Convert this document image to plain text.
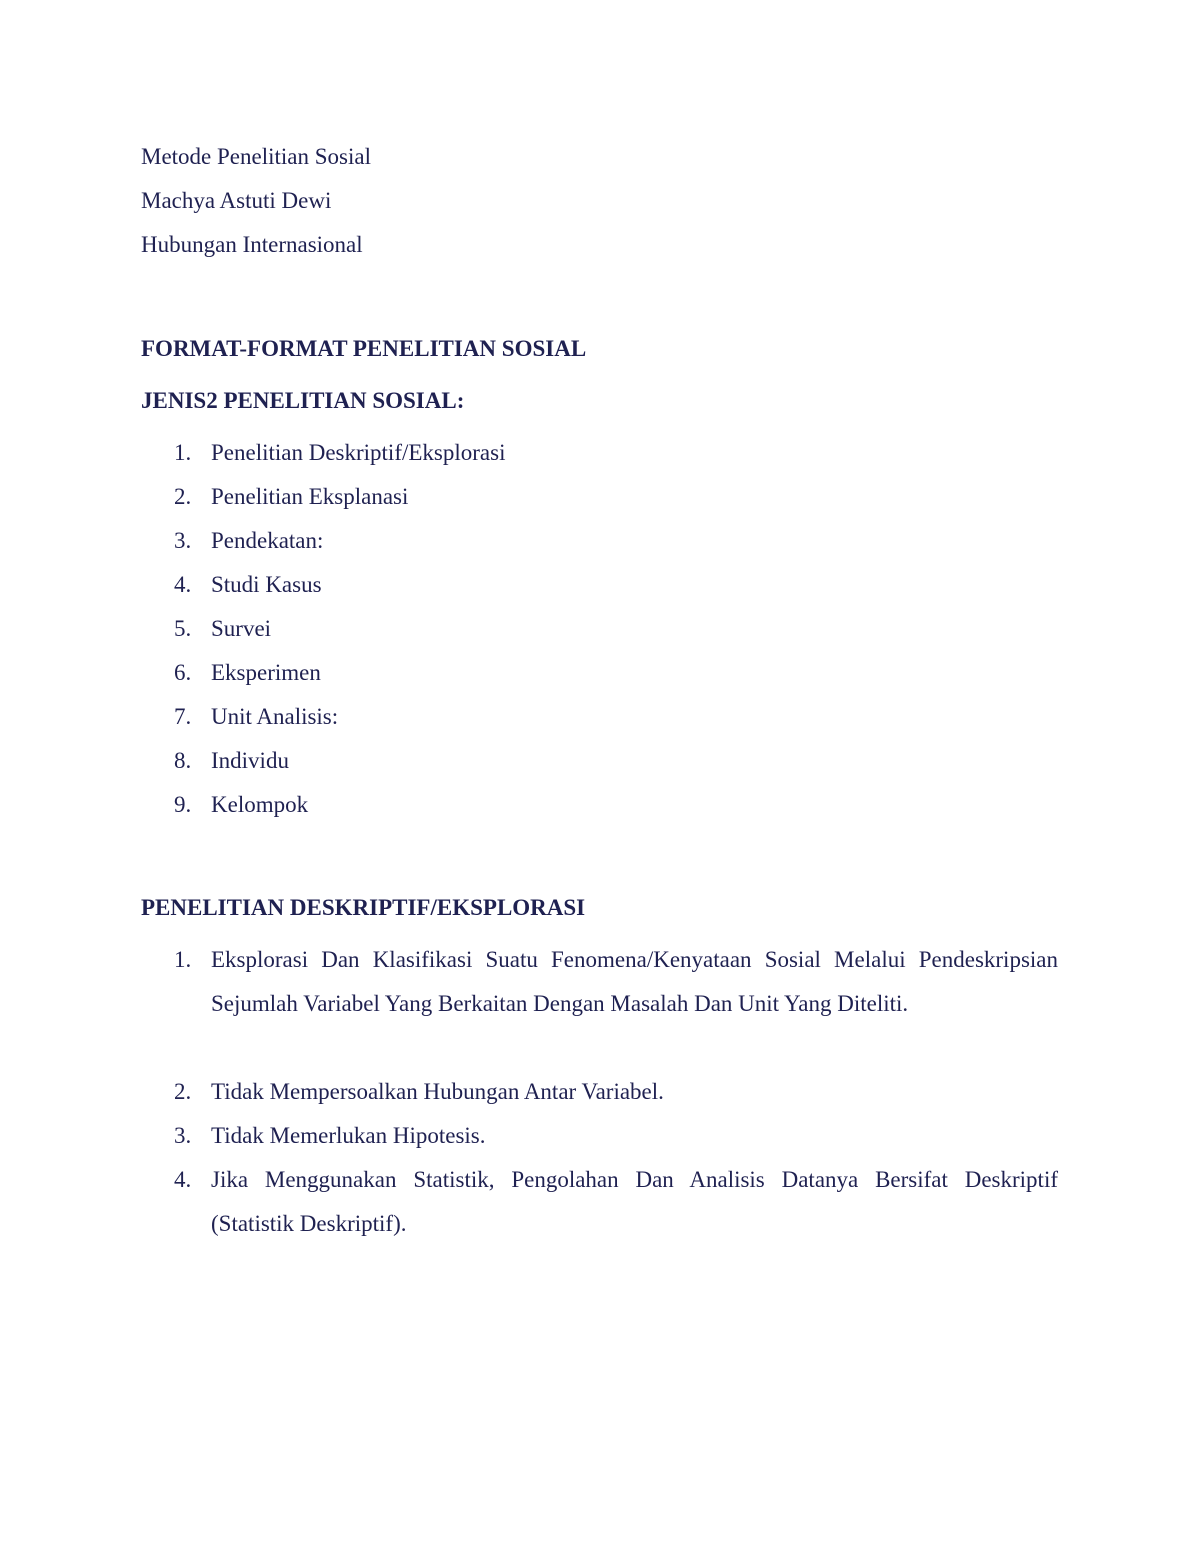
Metode Penelitian Sosial
Machya Astuti Dewi
Hubungan Internasional
FORMAT-FORMAT PENELITIAN SOSIAL
JENIS2 PENELITIAN SOSIAL:
1. Penelitian Deskriptif/Eksplorasi
2. Penelitian Eksplanasi
3. Pendekatan:
4. Studi Kasus
5. Survei
6. Eksperimen
7. Unit Analisis:
8. Individu
9. Kelompok
PENELITIAN DESKRIPTIF/EKSPLORASI
1. Eksplorasi Dan Klasifikasi Suatu Fenomena/Kenyataan Sosial Melalui Pendeskripsian Sejumlah Variabel Yang Berkaitan Dengan Masalah Dan Unit Yang Diteliti.
2. Tidak Mempersoalkan Hubungan Antar Variabel.
3. Tidak Memerlukan Hipotesis.
4. Jika Menggunakan Statistik, Pengolahan Dan Analisis Datanya Bersifat Deskriptif (Statistik Deskriptif).
